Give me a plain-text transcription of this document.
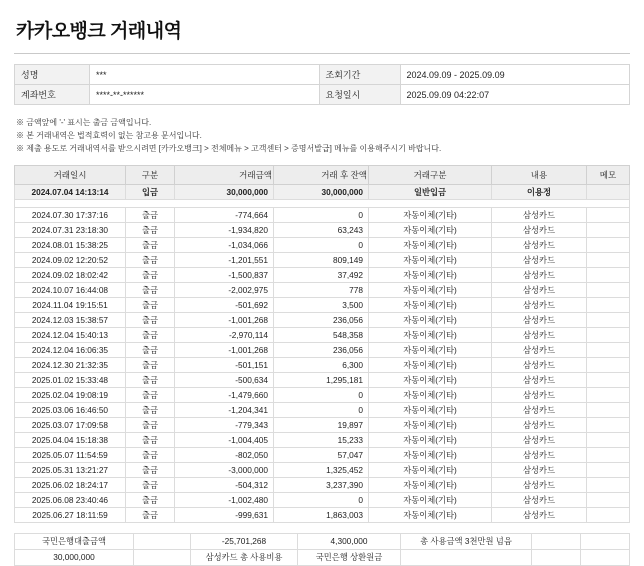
카카오뱅크 거래내역
성명	***	조회기간	2024.09.09 - 2025.09.09
계좌번호	****-**-******	요청일시	2025.09.09 04:22:07
※ 금액앞에 '-' 표시는 출금 금액입니다.
※ 본 거래내역은 법적효력이 없는 참고용 문서입니다.
※ 제출 용도로 거래내역서를 받으시려면 [카카오뱅크] > 전체메뉴 > 고객센터 > 증명서발급] 메뉴를 이용해주시기 바랍니다.
거래일시	구분	거래금액	거래 후 잔액	거래구분	내용	메모
2024.07.04 14:13:14	입금	30,000,000	30,000,000	일반입금	이용정	

2024.07.30 17:37:16	출금	-774,664	0	자동이체(기타)	삼성카드	
2024.07.31 23:18:30	출금	-1,934,820	63,243	자동이체(기타)	삼성카드	
2024.08.01 15:38:25	출금	-1,034,066	0	자동이체(기타)	삼성카드	
2024.09.02 12:20:52	출금	-1,201,551	809,149	자동이체(기타)	삼성카드	
2024.09.02 18:02:42	출금	-1,500,837	37,492	자동이체(기타)	삼성카드	
2024.10.07 16:44:08	출금	-2,002,975	778	자동이체(기타)	삼성카드	
2024.11.04 19:15:51	출금	-501,692	3,500	자동이체(기타)	삼성카드	
2024.12.03 15:38:57	출금	-1,001,268	236,056	자동이체(기타)	삼성카드	
2024.12.04 15:40:13	출금	-2,970,114	548,358	자동이체(기타)	삼성카드	
2024.12.04 16:06:35	출금	-1,001,268	236,056	자동이체(기타)	삼성카드	
2024.12.30 21:32:35	출금	-501,151	6,300	자동이체(기타)	삼성카드	
2025.01.02 15:33:48	출금	-500,634	1,295,181	자동이체(기타)	삼성카드	
2025.02.04 19:08:19	출금	-1,479,660	0	자동이체(기타)	삼성카드	
2025.03.06 16:46:50	출금	-1,204,341	0	자동이체(기타)	삼성카드	
2025.03.07 17:09:58	출금	-779,343	19,897	자동이체(기타)	삼성카드	
2025.04.04 15:18:38	출금	-1,004,405	15,233	자동이체(기타)	삼성카드	
2025.05.07 11:54:59	출금	-802,050	57,047	자동이체(기타)	삼성카드	
2025.05.31 13:21:27	출금	-3,000,000	1,325,452	자동이체(기타)	삼성카드	
2025.06.02 18:24:17	출금	-504,312	3,237,390	자동이체(기타)	삼성카드	
2025.06.08 23:40:46	출금	-1,002,480	0	자동이체(기타)	삼성카드	
2025.06.27 18:11:59	출금	-999,631	1,863,003	자동이체(기타)	삼성카드	
국민은행대출금액		-25,701,268	4,300,000	총 사용금액 3천만원 넘음		
30,000,000		삼성카드 총 사용비용	국민은행 상환원금			
